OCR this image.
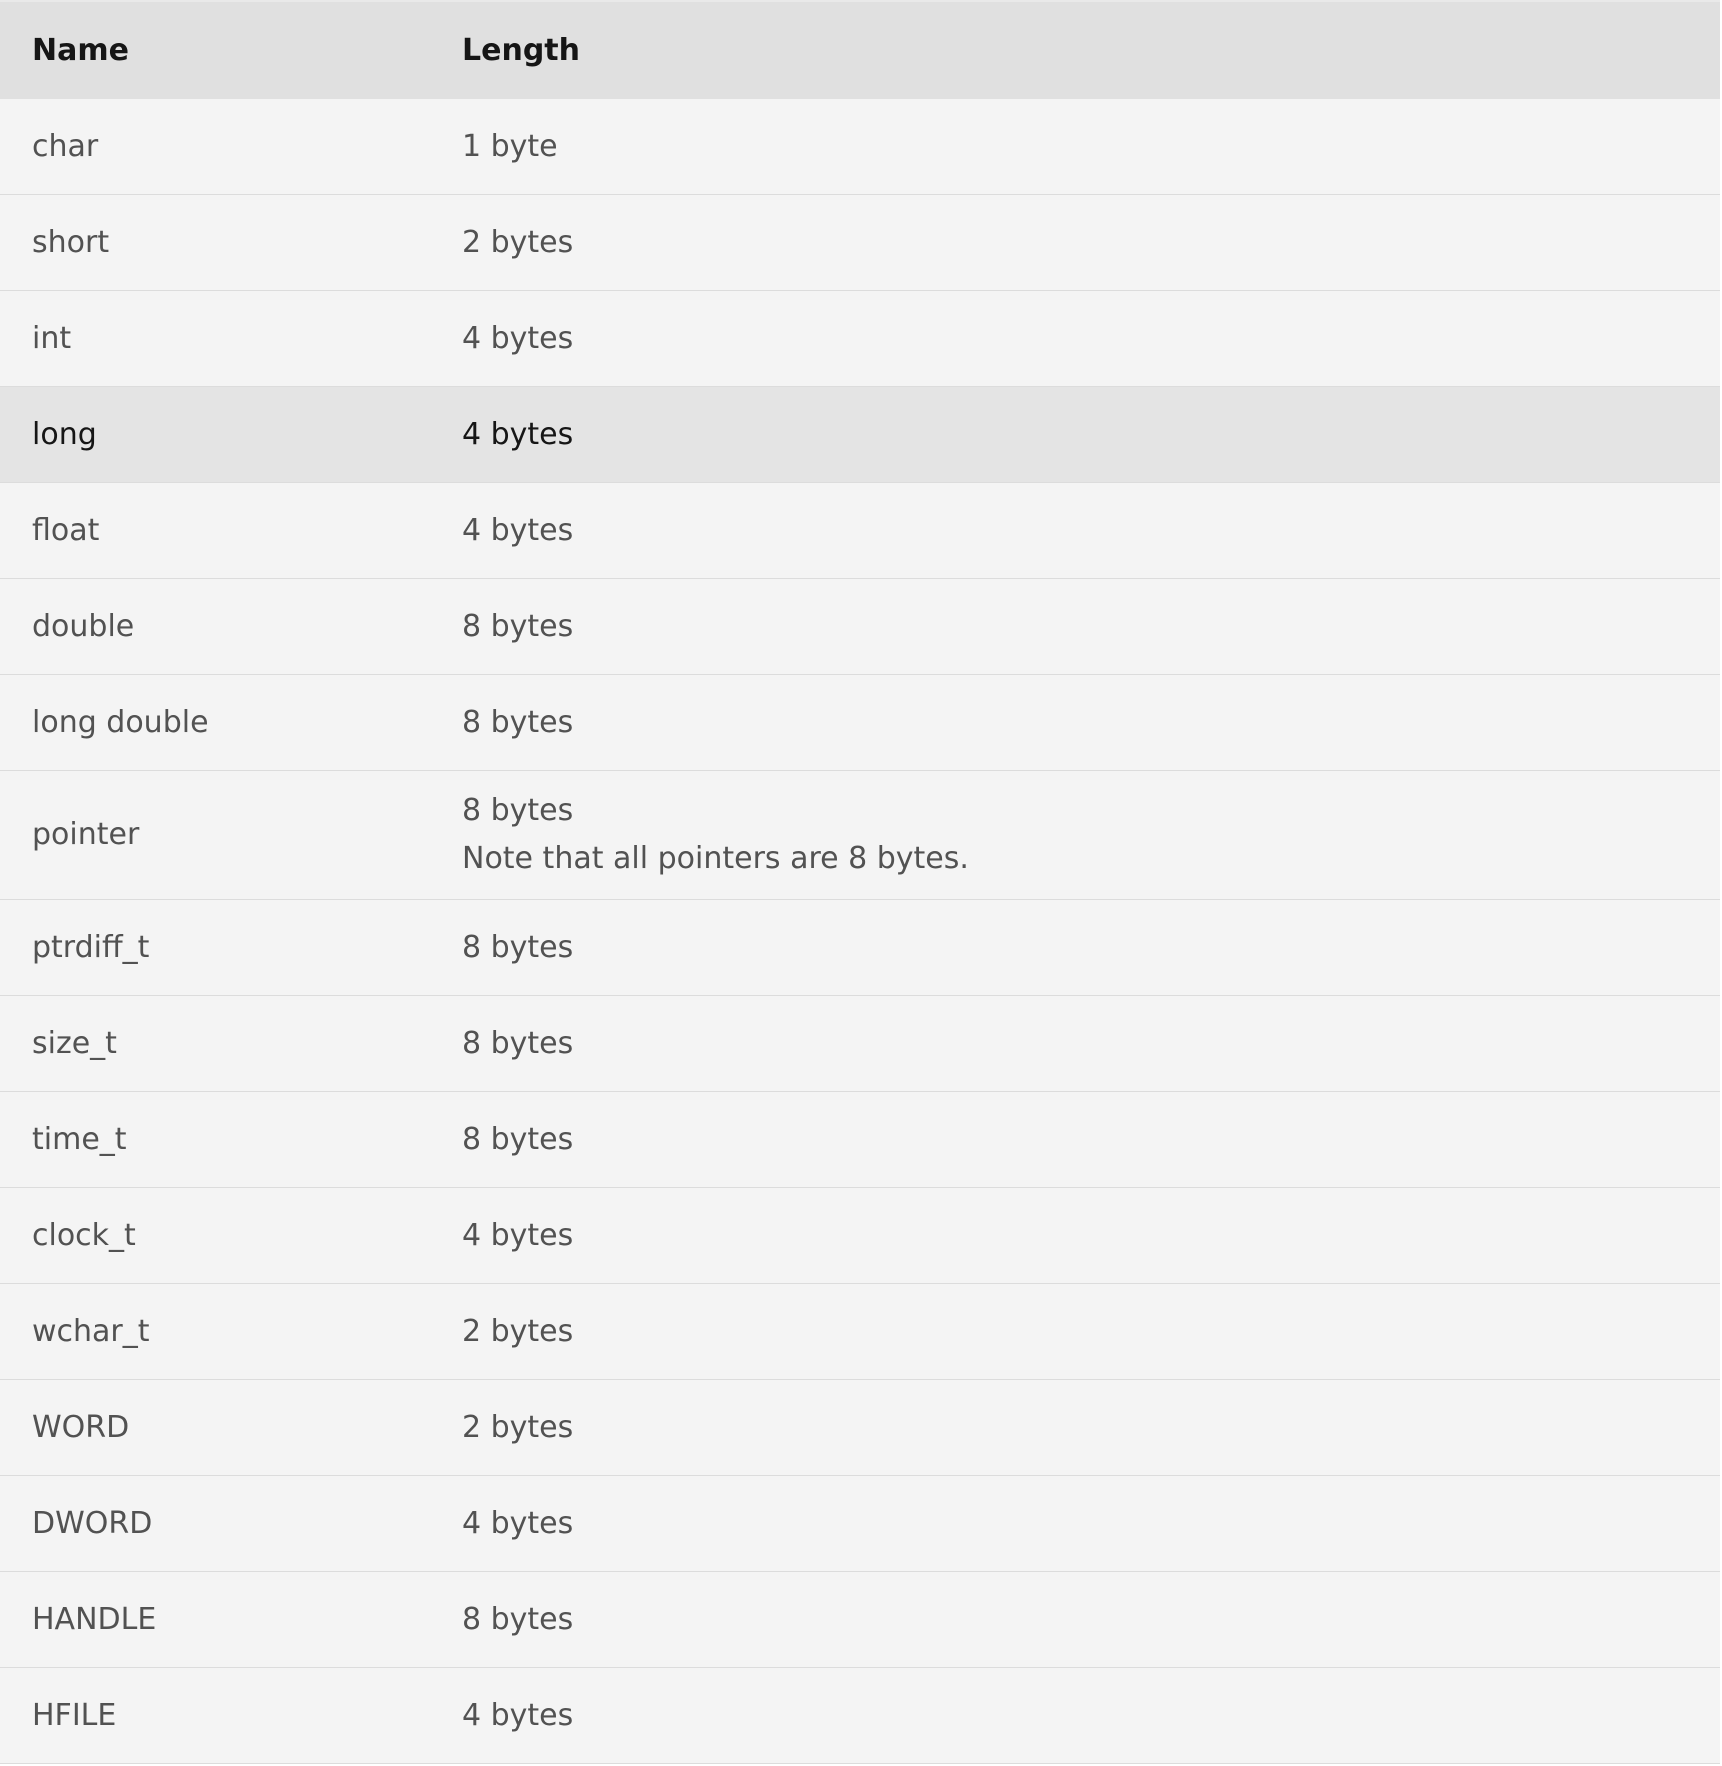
Name	Length
char	1 byte
short	2 bytes
int	4 bytes
long	4 bytes
float	4 bytes
double	8 bytes
long double	8 bytes
pointer	8 bytes
Note that all pointers are 8 bytes.

ptrdiff_t	8 bytes
size_t	8 bytes
time_t	8 bytes
clock_t	4 bytes
wchar_t	2 bytes
WORD	2 bytes
DWORD	4 bytes
HANDLE	8 bytes
HFILE	4 bytes
